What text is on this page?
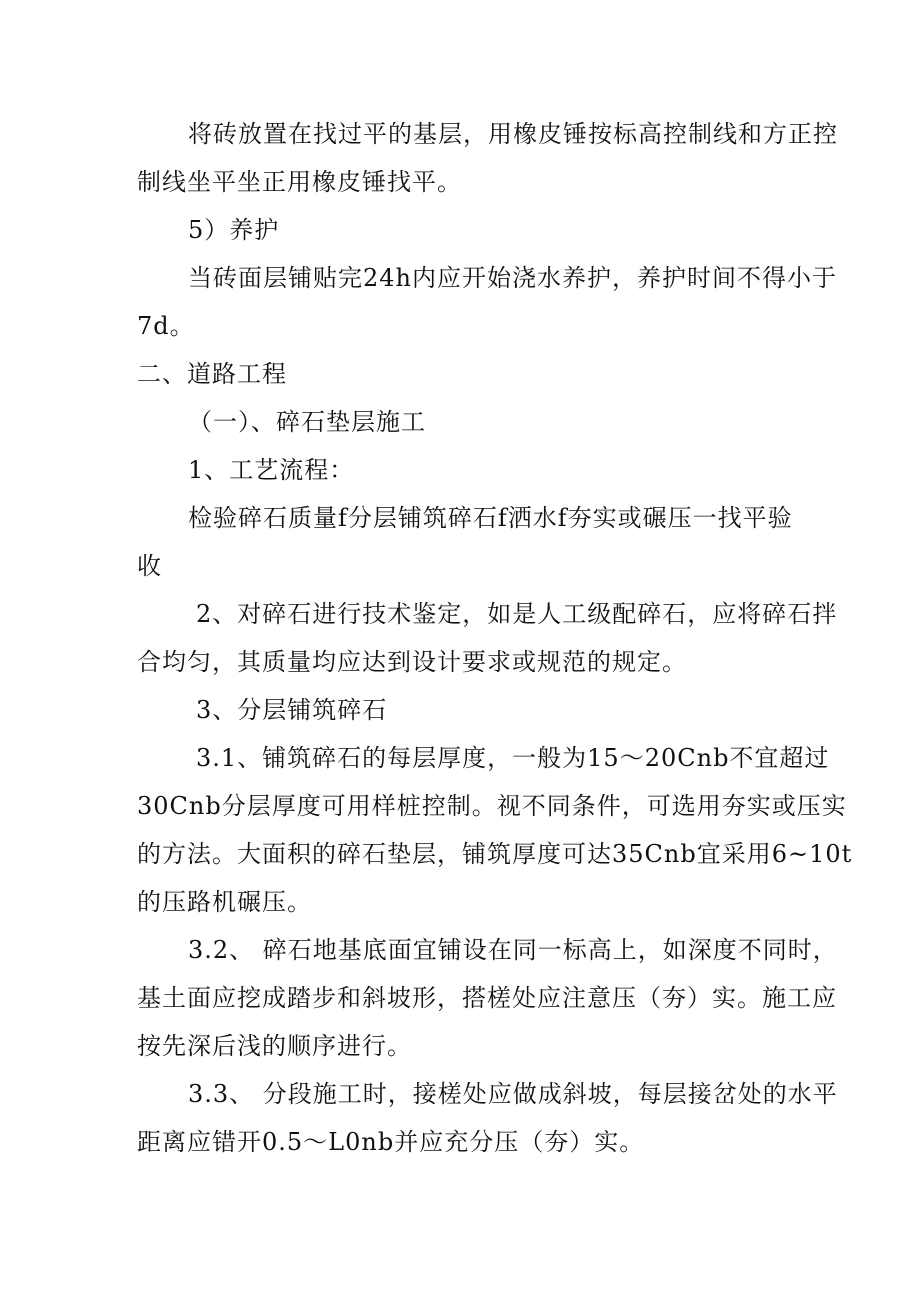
将砖放置在找过平的基层，用橡皮锤按标高控制线和方正控
制线坐平坐正用橡皮锤找平。
5）养护
当砖面层铺贴完24h内应开始浇水养护，养护时间不得小于
7d。
二、道路工程
（一）、碎石垫层施工
1、工艺流程：
检验碎石质量f分层铺筑碎石f洒水f夯实或碾压一找平验
收
2、对碎石进行技术鉴定，如是人工级配碎石，应将碎石拌
合均匀，其质量均应达到设计要求或规范的规定。
3、分层铺筑碎石
3.1、铺筑碎石的每层厚度，一般为15～20Cnb不宜超过
30Cnb分层厚度可用样桩控制。视不同条件，可选用夯实或压实
的方法。大面积的碎石垫层，铺筑厚度可达35Cnb宜采用6~10t
的压路机碾压。
3.2、 碎石地基底面宜铺设在同一标高上，如深度不同时，
基土面应挖成踏步和斜坡形，搭槎处应注意压（夯）实。施工应
按先深后浅的顺序进行。
3.3、 分段施工时，接槎处应做成斜坡，每层接岔处的水平
距离应错开0.5～L0nb并应充分压（夯）实。
